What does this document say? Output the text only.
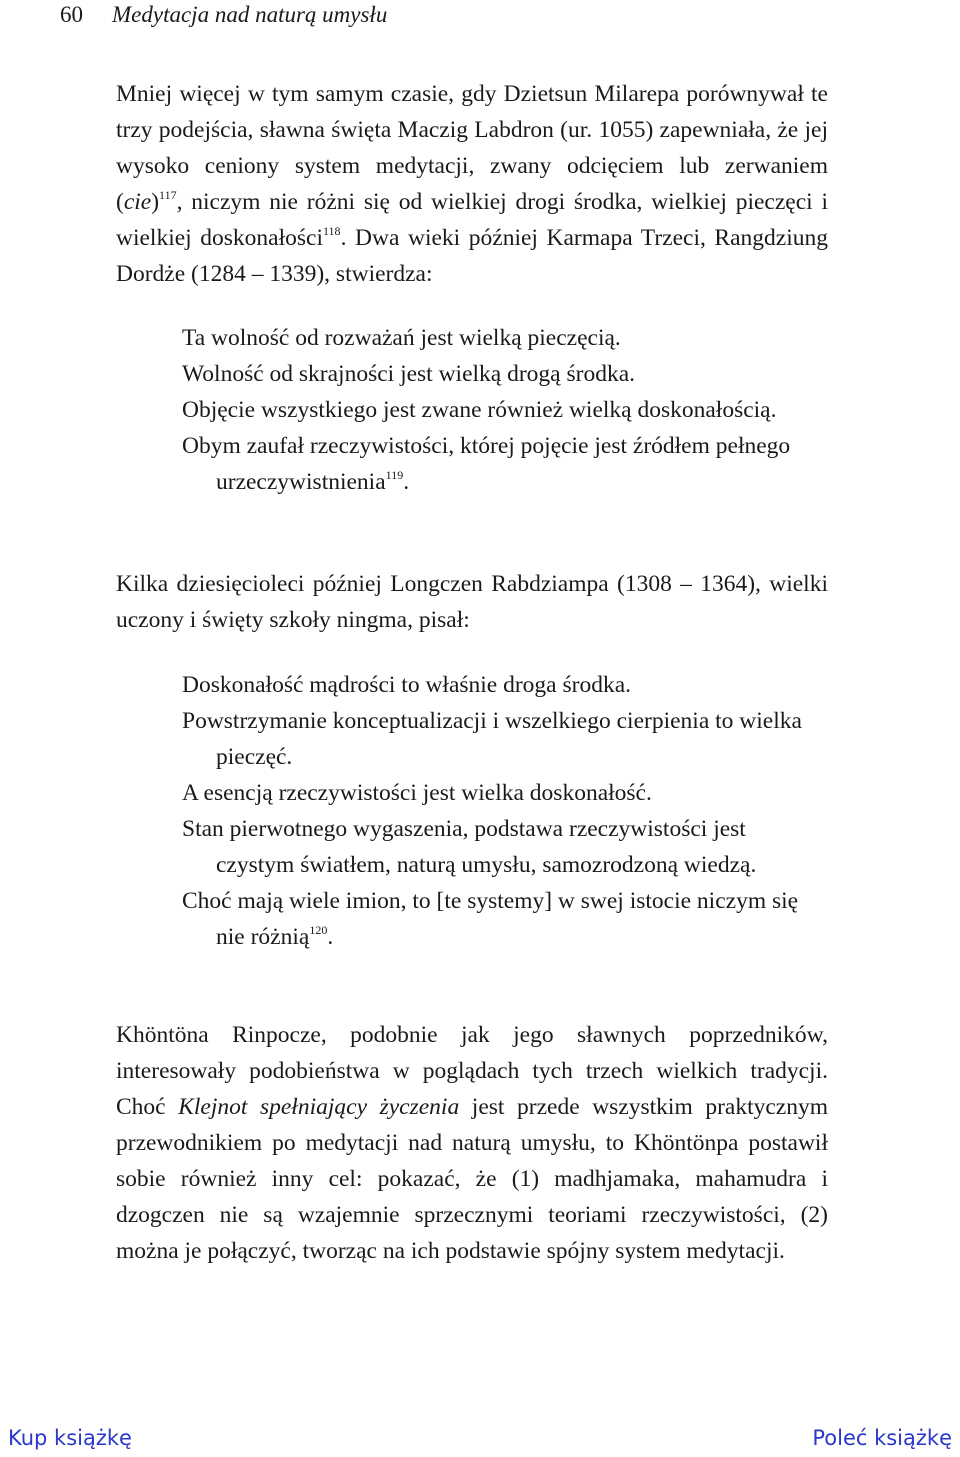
60 Medytacja nad naturą umysłu

Mniej więcej w tym samym czasie, gdy Dzietsun Milarepa porównywał te trzy podejścia, sławna święta Maczig Labdron (ur. 1055) zapewniała, że jej wysoko ceniony system medytacji, zwany odcięciem lub zerwaniem (cie)$^{117}$, niczym nie różni się od wielkiej drogi środka, wielkiej pieczęci i wielkiej doskonałości$^{118}$. Dwa wieki później Karmapa Trzeci, Rangdziung Dordże (1284 – 1339), stwierdza:

Ta wolność od rozważań jest wielką pieczęcią.
Wolność od skrajności jest wielką drogą środka.
Objęcie wszystkiego jest zwane również wielką doskonałością.
Obym zaufał rzeczywistości, której pojęcie jest źródłem pełnego urzeczywistnienia$^{119}$.

Kilka dziesięcioleci później Longczen Rabdziampa (1308 – 1364), wielki uczony i święty szkoły ningma, pisał:

Doskonałość mądrości to właśnie droga środka.
Powstrzymanie konceptualizacji i wszelkiego cierpienia to wielka pieczęć.
A esencją rzeczywistości jest wielka doskonałość.
Stan pierwotnego wygaszenia, podstawa rzeczywistości jest czystym światłem, naturą umysłu, samozrodzoną wiedzą.
Choć mają wiele imion, to [te systemy] w swej istocie niczym się nie różnią$^{120}$.

Khöntöna Rinpocze, podobnie jak jego sławnych poprzedników, interesowały podobieństwa w poglądach tych trzech wielkich tradycji. Choć Klejnot spełniający życzenia jest przede wszystkim praktycznym przewodnikiem po medytacji nad naturą umysłu, to Khöntönpa postawił sobie również inny cel: pokazać, że (1) madhjamaka, mahamudra i dzogczen nie są wzajemnie sprzecznymi teoriami rzeczywistości, (2) można je połączyć, tworząc na ich podstawie spójny system medytacji.

Kup książkę	Poleć książkę
